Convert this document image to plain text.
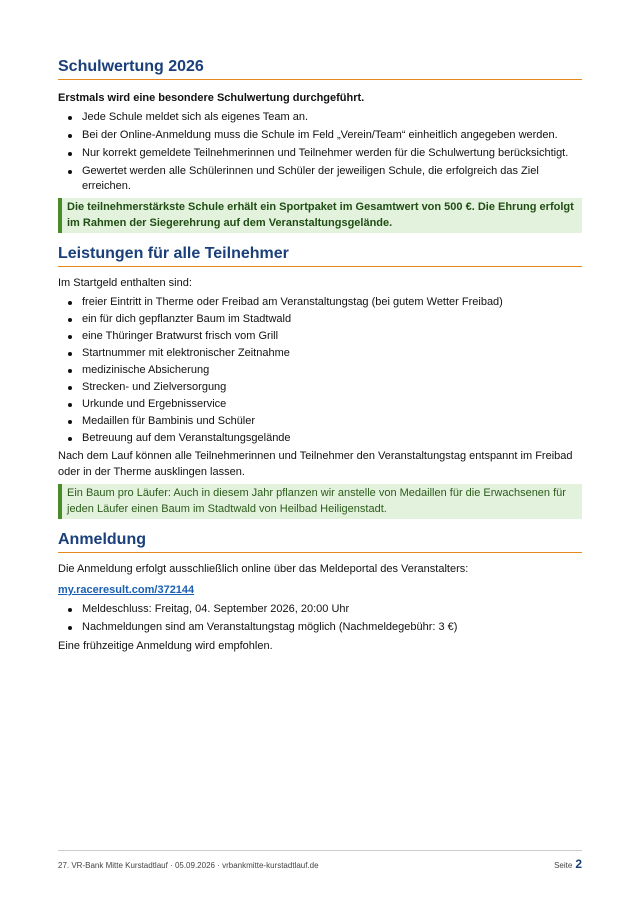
Schulwertung 2026

Erstmals wird eine besondere Schulwertung durchgeführt.

Jede Schule meldet sich als eigenes Team an.
Bei der Online-Anmeldung muss die Schule im Feld „Verein/Team“ einheitlich angegeben werden.
Nur korrekt gemeldete Teilnehmerinnen und Teilnehmer werden für die Schulwertung berücksichtigt.
Gewertet werden alle Schülerinnen und Schüler der jeweiligen Schule, die erfolgreich das Ziel erreichen.
Die teilnehmerstärkste Schule erhält ein Sportpaket im Gesamtwert von 500 €. Die Ehrung erfolgt im Rahmen der Siegerehrung auf dem Veranstaltungsgelände.
Leistungen für alle Teilnehmer

Im Startgeld enthalten sind:

freier Eintritt in Therme oder Freibad am Veranstaltungstag (bei gutem Wetter Freibad)
ein für dich gepflanzter Baum im Stadtwald
eine Thüringer Bratwurst frisch vom Grill
Startnummer mit elektronischer Zeitnahme
medizinische Absicherung
Strecken- und Zielversorgung
Urkunde und Ergebnisservice
Medaillen für Bambinis und Schüler
Betreuung auf dem Veranstaltungsgelände

Nach dem Lauf können alle Teilnehmerinnen und Teilnehmer den Veranstaltungstag entspannt im Freibad oder in der Therme ausklingen lassen.

Ein Baum pro Läufer: Auch in diesem Jahr pflanzen wir anstelle von Medaillen für die Erwachsenen für jeden Läufer einen Baum im Stadtwald von Heilbad Heiligenstadt.
Anmeldung

Die Anmeldung erfolgt ausschließlich online über das Meldeportal des Veranstalters:

my.raceresult.com/372144
Meldeschluss: Freitag, 04. September 2026, 20:00 Uhr
Nachmeldungen sind am Veranstaltungstag möglich (Nachmeldegebühr: 3 €)

Eine frühzeitige Anmeldung wird empfohlen.

27. VR-Bank Mitte Kurstadtlauf · 05.09.2026 · vrbankmitte-kurstadtlauf.de	Seite 2
